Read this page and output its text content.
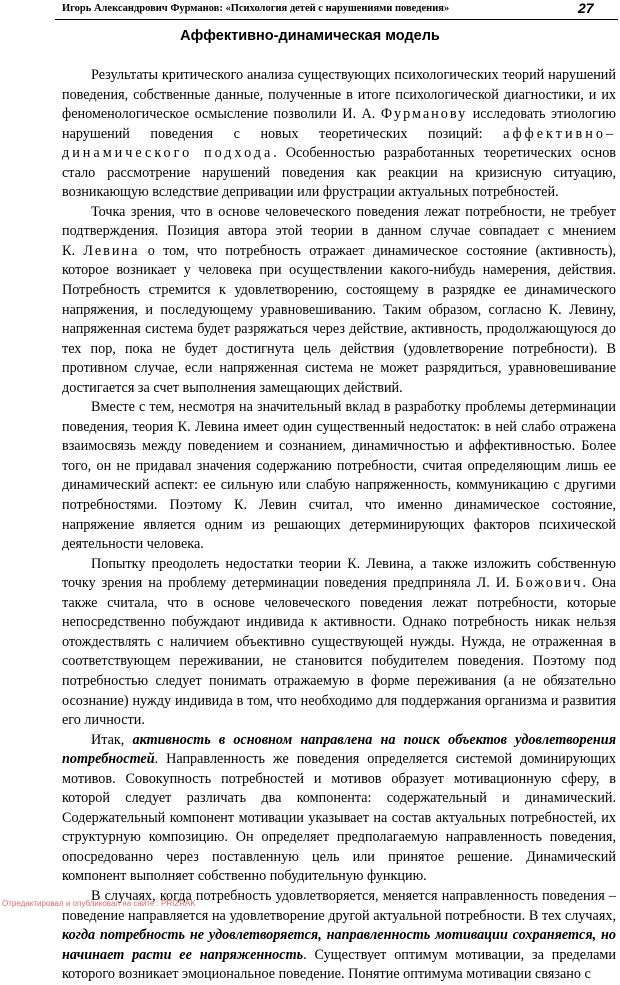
Игорь Александрович Фурманов: «Психология детей с нарушениями поведения»	27
Аффективно-динамическая модель

Результаты критического анализа существующих психологических теорий нарушений поведения, собственные данные, полученные в итоге психологической диагностики, и их феноменологическое осмысление позволили И. А. Фурманову исследовать этиологию нарушений поведения с новых теоретических позиций: аффективно–динамического подхода. Особенностью разработанных теоретических основ стало рассмотрение нарушений поведения как реакции на кризисную ситуацию, возникающую вследствие депривации или фрустрации актуальных потребностей.

Точка зрения, что в основе человеческого поведения лежат потребности, не требует подтверждения. Позиция автора этой теории в данном случае совпадает с мнением К. Левина о том, что потребность отражает динамическое состояние (активность), которое возникает у человека при осуществлении какого-нибудь намерения, действия. Потребность стремится к удовлетворению, состоящему в разрядке ее динамического напряжения, и последующему уравновешиванию. Таким образом, согласно К. Левину, напряженная система будет разряжаться через действие, активность, продолжающуюся до тех пор, пока не будет достигнута цель действия (удовлетворение потребности). В противном случае, если напряженная система не может разрядиться, уравновешивание достигается за счет выполнения замещающих действий.

Вместе с тем, несмотря на значительный вклад в разработку проблемы детерминации поведения, теория К. Левина имеет один существенный недостаток: в ней слабо отражена взаимосвязь между поведением и сознанием, динамичностью и аффективностью. Более того, он не придавал значения содержанию потребности, считая определяющим лишь ее динамический аспект: ее сильную или слабую напряженность, коммуникацию с другими потребностями. Поэтому К. Левин считал, что именно динамическое состояние, напряжение является одним из решающих детерминирующих факторов психической деятельности человека.

Попытку преодолеть недостатки теории К. Левина, а также изложить собственную точку зрения на проблему детерминации поведения предприняла Л. И. Божович. Она также считала, что в основе человеческого поведения лежат потребности, которые непосредственно побуждают индивида к активности. Однако потребность никак нельзя отождествлять с наличием объективно существующей нужды. Нужда, не отраженная в соответствующем переживании, не становится побудителем поведения. Поэтому под потребностью следует понимать отражаемую в форме переживания (а не обязательно осознание) нужду индивида в том, что необходимо для поддержания организма и развития его личности.

Итак, активность в основном направлена на поиск объектов удовлетворения потребностей. Направленность же поведения определяется системой доминирующих мотивов. Совокупность потребностей и мотивов образует мотивационную сферу, в которой следует различать два компонента: содержательный и динамический. Содержательный компонент мотивации указывает на состав актуальных потребностей, их структурную композицию. Он определяет предполагаемую направленность поведения, опосредованно через поставленную цель или принятое решение. Динамический компонент выполняет собственно побудительную функцию.

В случаях, когда потребность удовлетворяется, меняется направленность поведения – поведение направляется на удовлетворение другой актуальной потребности. В тех случаях, когда потребность не удовлетворяется, направленность мотивации сохраняется, но начинает расти ее напряженность. Существует оптимум мотивации, за пределами которого возникает эмоциональное поведение. Понятие оптимума мотивации связано с

Отредактировал и опубликовал на сайте : PRIZRAK
